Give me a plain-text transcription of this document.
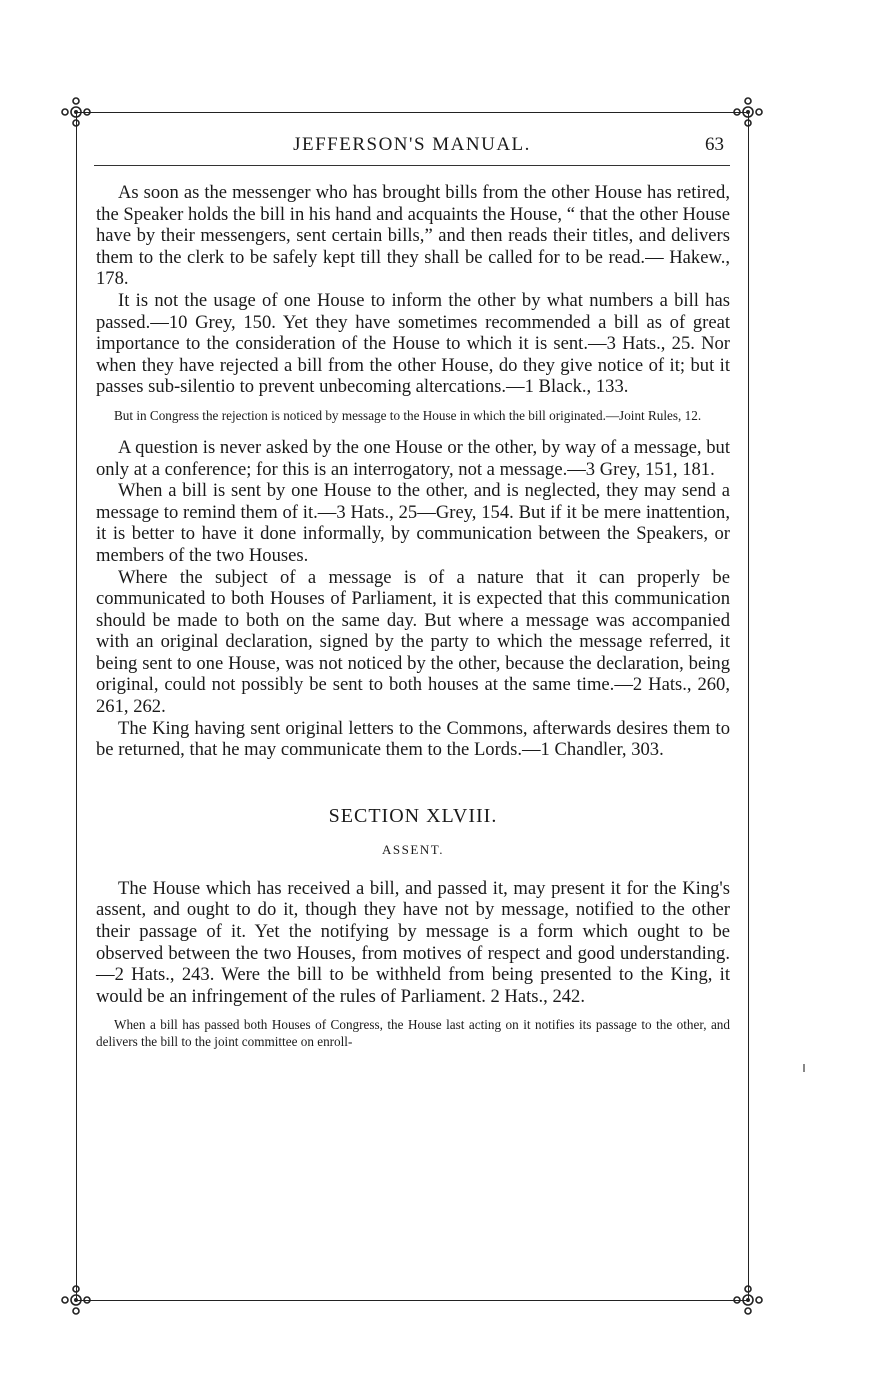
JEFFERSON'S MANUAL.	63

As soon as the messenger who has brought bills from the other House has retired, the Speaker holds the bill in his hand and acquaints the House, “ that the other House have by their messengers, sent certain bills,” and then reads their titles, and delivers them to the clerk to be safely kept till they shall be called for to be read.— Hakew., 178.

It is not the usage of one House to inform the other by what numbers a bill has passed.—10 Grey, 150. Yet they have sometimes recommended a bill as of great importance to the consideration of the House to which it is sent.—3 Hats., 25. Nor when they have rejected a bill from the other House, do they give notice of it; but it passes sub-silentio to prevent unbecoming altercations.—1 Black., 133.

But in Congress the rejection is noticed by message to the House in which the bill originated.—Joint Rules, 12.

A question is never asked by the one House or the other, by way of a message, but only at a conference; for this is an interrogatory, not a message.—3 Grey, 151, 181.

When a bill is sent by one House to the other, and is neglected, they may send a message to remind them of it.—3 Hats., 25—Grey, 154. But if it be mere inattention, it is better to have it done informally, by communication between the Speakers, or members of the two Houses.

Where the subject of a message is of a nature that it can properly be communicated to both Houses of Parliament, it is expected that this communication should be made to both on the same day. But where a message was accompanied with an original declaration, signed by the party to which the message referred, it being sent to one House, was not noticed by the other, because the declaration, being original, could not possibly be sent to both houses at the same time.—2 Hats., 260, 261, 262.

The King having sent original letters to the Commons, afterwards desires them to be returned, that he may communicate them to the Lords.—1 Chandler, 303.

SECTION XLVIII.
ASSENT.

The House which has received a bill, and passed it, may present it for the King's assent, and ought to do it, though they have not by message, notified to the other their passage of it. Yet the notifying by message is a form which ought to be observed between the two Houses, from motives of respect and good understanding.—2 Hats., 243. Were the bill to be withheld from being presented to the King, it would be an infringement of the rules of Parliament. 2 Hats., 242.

When a bill has passed both Houses of Congress, the House last acting on it notifies its passage to the other, and delivers the bill to the joint committee on enroll-
